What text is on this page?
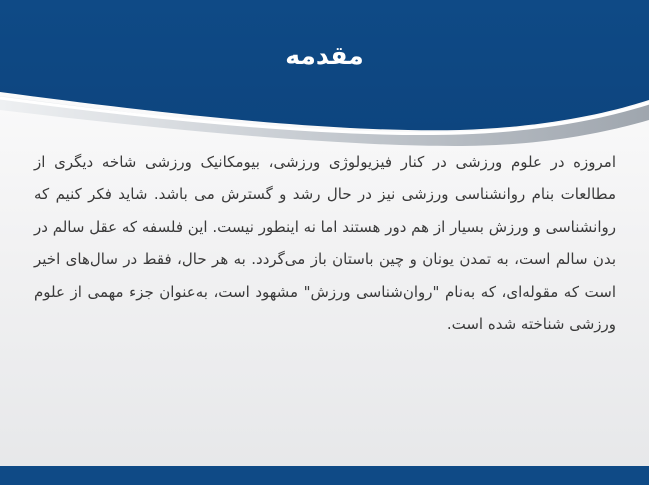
مقدمه

امروزه در علوم ورزشی در کنار فیزیولوژی ورزشی، بیومکانیک ورزشی شاخه دیگری از مطالعات بنام روانشناسی ورزشی نیز در حال رشد و گسترش می باشد. شاید فکر کنیم که روانشناسی و ورزش بسیار از هم دور هستند اما نه اینطور نیست. این فلسفه که عقل سالم در بدن سالم است، به تمدن یونان و چین باستان باز می‌گردد. به هر حال، فقط در سال‌های اخیر است که مقوله‌ای، که به‌نام "روان‌شناسی ورزش" مشهود است، به‌عنوان جزء مهمی از علوم ورزشی شناخته شده است.
